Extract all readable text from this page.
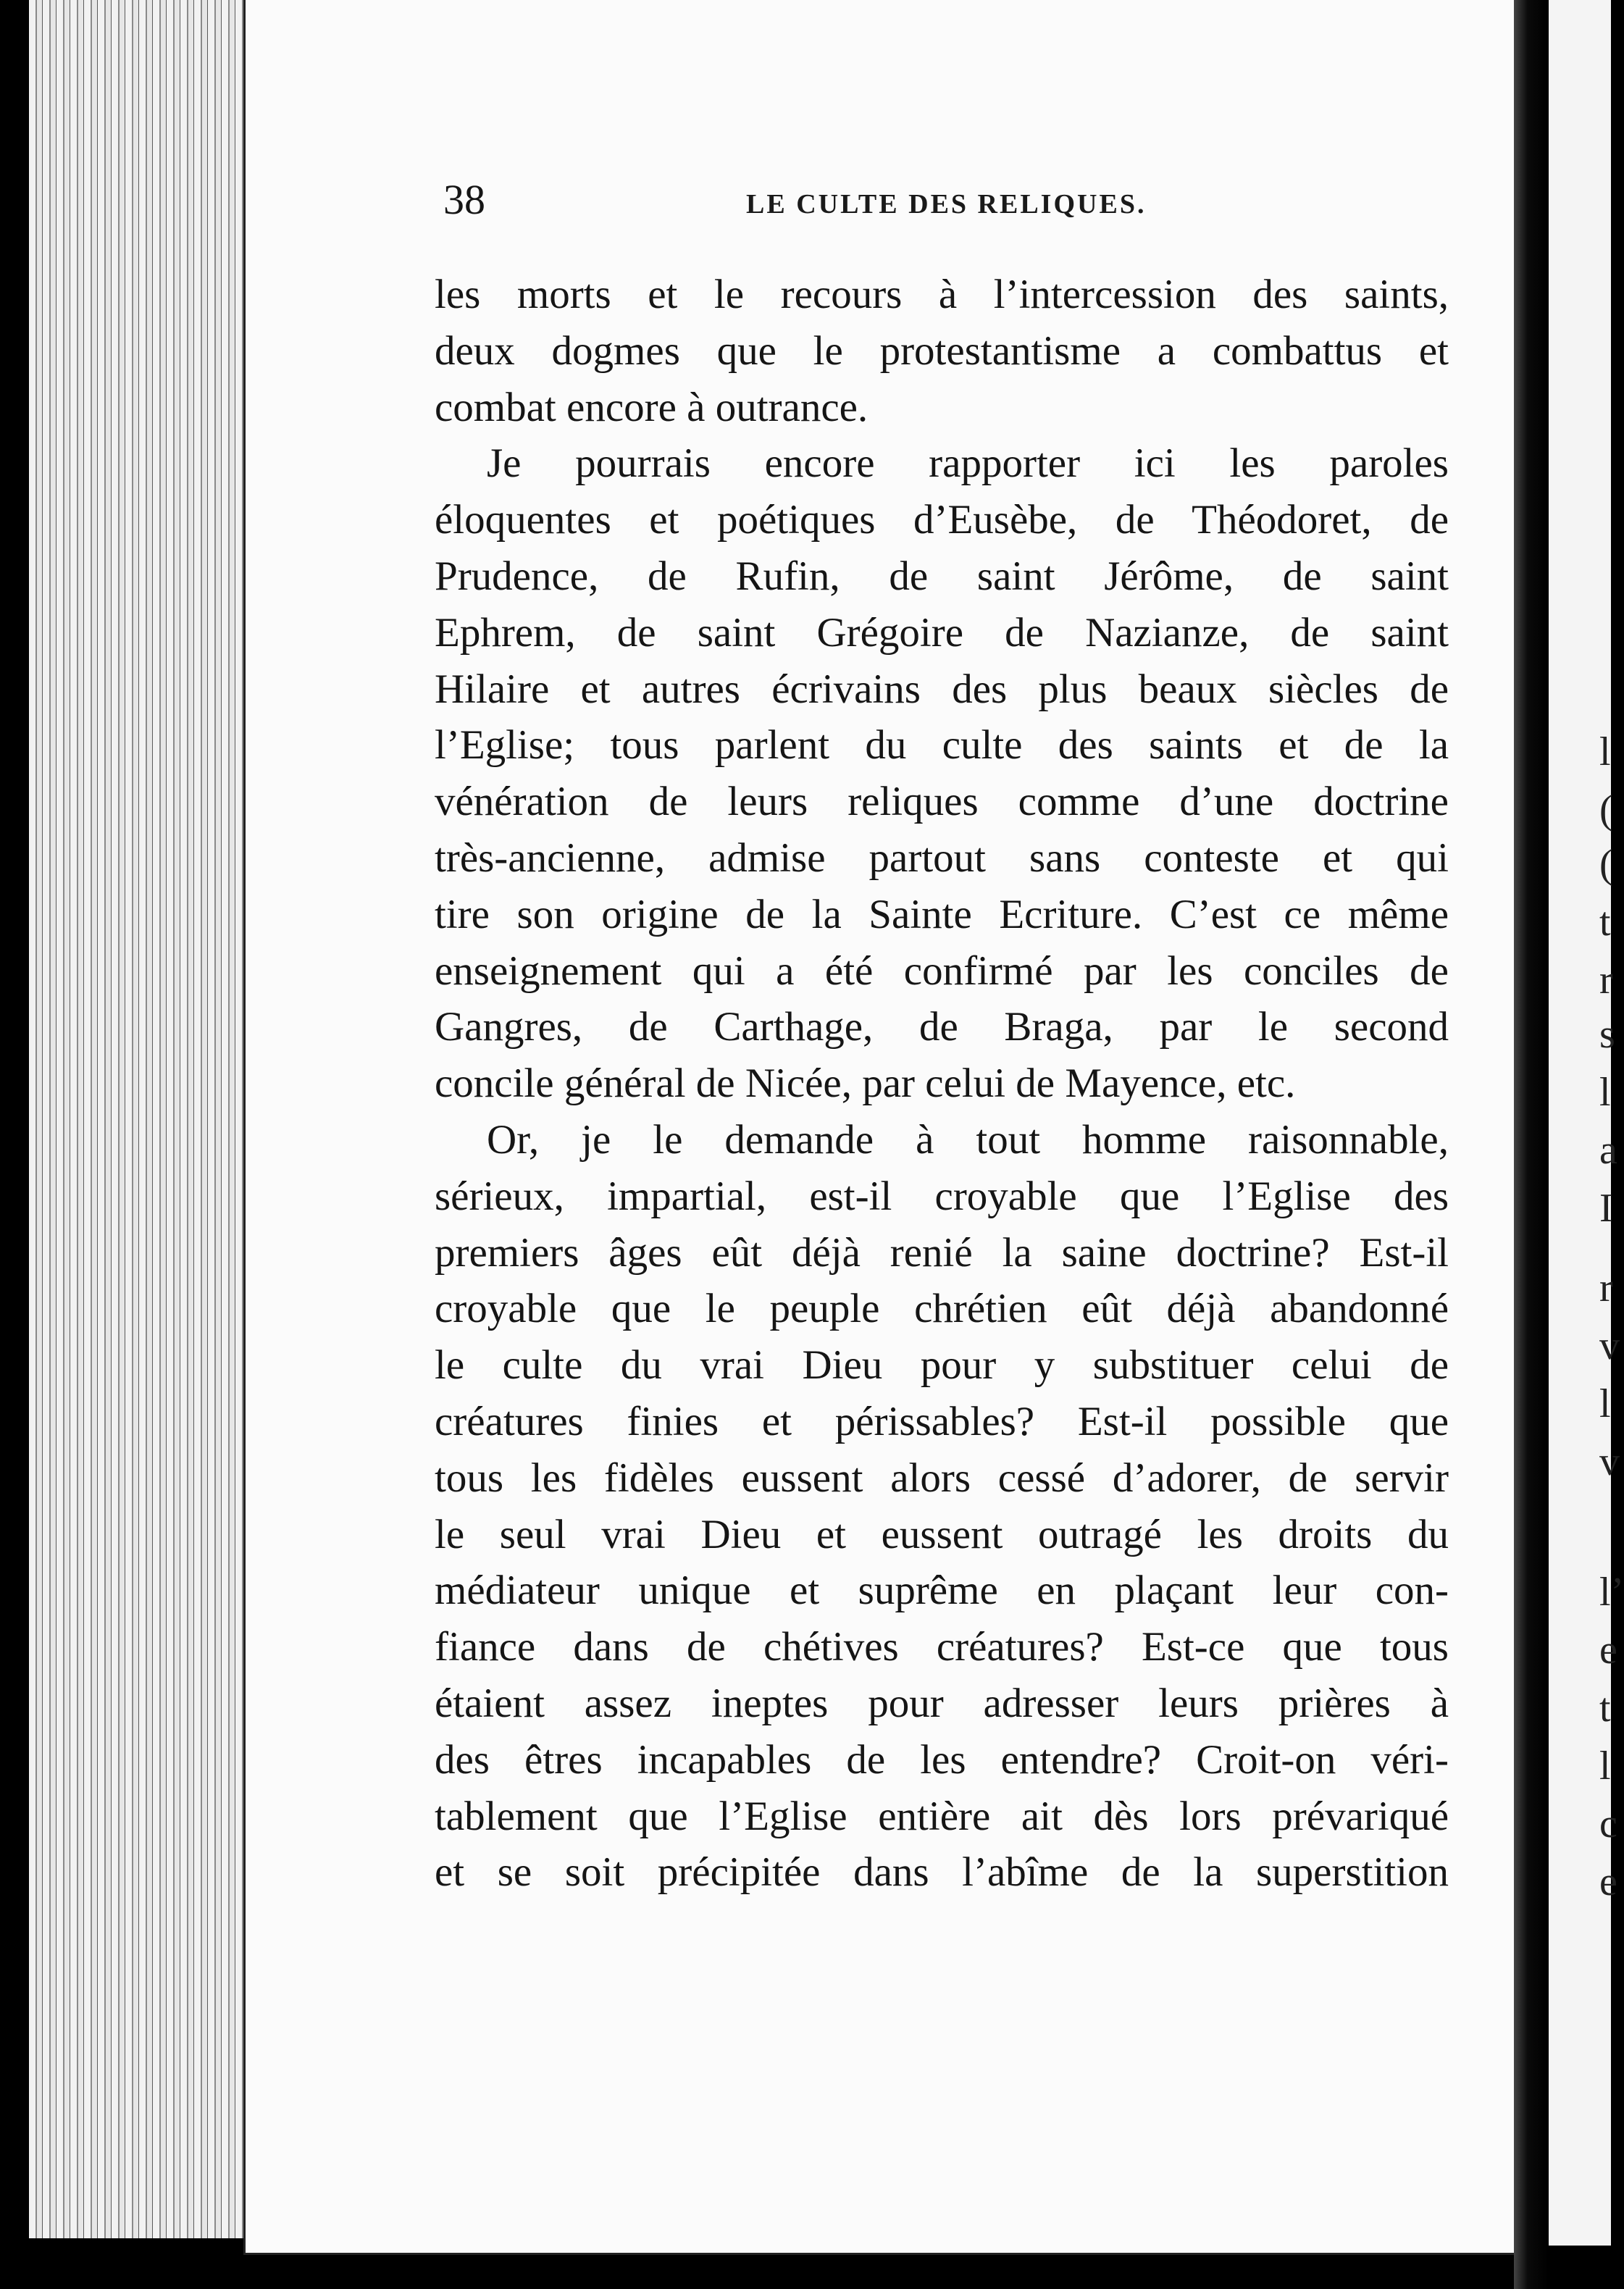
38	LE CULTE DES RELIQUES.
les morts et le recours à l’intercession des saints,
deux dogmes que le protestantisme a combattus et
combat encore à outrance.
Je pourrais encore rapporter ici les paroles
éloquentes et poétiques d’Eusèbe, de Théodoret, de
Prudence, de Rufin, de saint Jérôme, de saint
Ephrem, de saint Grégoire de Nazianze, de saint
Hilaire et autres écrivains des plus beaux siècles de
l’Eglise; tous parlent du culte des saints et de la
vénération de leurs reliques comme d’une doctrine
très-ancienne, admise partout sans conteste et qui
tire son origine de la Sainte Ecriture. C’est ce même
enseignement qui a été confirmé par les conciles de
Gangres, de Carthage, de Braga, par le second
concile général de Nicée, par celui de Mayence, etc.
Or, je le demande à tout homme raisonnable,
sérieux, impartial, est-il croyable que l’Eglise des
premiers âges eût déjà renié la saine doctrine? Est-il
croyable que le peuple chrétien eût déjà abandonné
le culte du vrai Dieu pour y substituer celui de
créatures finies et périssables? Est-il possible que
tous les fidèles eussent alors cessé d’adorer, de servir
le seul vrai Dieu et eussent outragé les droits du
médiateur unique et suprême en plaçant leur con-
fiance dans de chétives créatures? Est-ce que tous
étaient assez ineptes pour adresser leurs prières à
des êtres incapables de les entendre? Croit-on véri-
tablement que l’Eglise entière ait dès lors prévariqué
et se soit précipitée dans l’abîme de la superstition
l
(
(
t
r
s
l
a
I
r
v
l
v
l’
e
t
l
c
e
